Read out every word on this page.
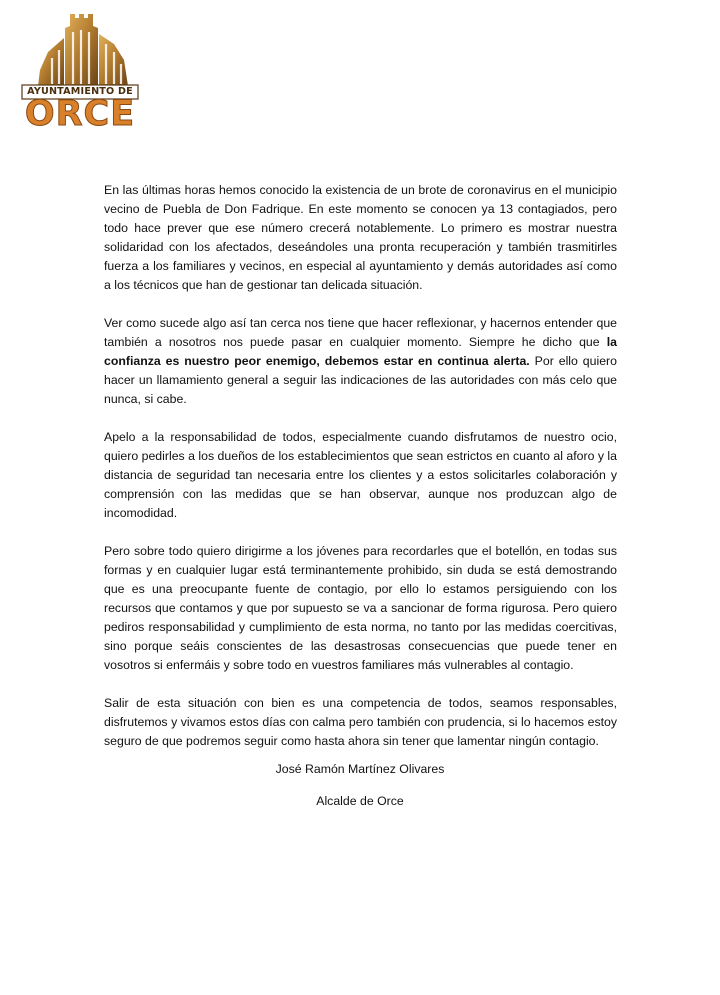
AYUNTAMIENTO DE
ORCE

En las últimas horas hemos conocido la existencia de un brote de coronavirus en el municipio vecino de Puebla de Don Fadrique. En este momento se conocen ya 13 contagiados, pero todo hace prever que ese número crecerá notablemente. Lo primero es mostrar nuestra solidaridad con los afectados, deseándoles una pronta recuperación y también trasmitirles fuerza a los familiares y vecinos, en especial al ayuntamiento y demás autoridades así como a los técnicos que han de gestionar tan delicada situación.

Ver como sucede algo así tan cerca nos tiene que hacer reflexionar, y hacernos entender que también a nosotros nos puede pasar en cualquier momento. Siempre he dicho que la confianza es nuestro peor enemigo, debemos estar en continua alerta. Por ello quiero hacer un llamamiento general a seguir las indicaciones de las autoridades con más celo que nunca, si cabe.

Apelo a la responsabilidad de todos, especialmente cuando disfrutamos de nuestro ocio, quiero pedirles a los dueños de los establecimientos que sean estrictos en cuanto al aforo y la distancia de seguridad tan necesaria entre los clientes y a estos solicitarles colaboración y comprensión con las medidas que se han observar, aunque nos produzcan algo de incomodidad.

Pero sobre todo quiero dirigirme a los jóvenes para recordarles que el botellón, en todas sus formas y en cualquier lugar está terminantemente prohibido, sin duda se está demostrando que es una preocupante fuente de contagio, por ello lo estamos persiguiendo con los recursos que contamos y que por supuesto se va a sancionar de forma rigurosa. Pero quiero pediros responsabilidad y cumplimiento de esta norma, no tanto por las medidas coercitivas, sino porque seáis conscientes de las desastrosas consecuencias que puede tener en vosotros si enfermáis y sobre todo en vuestros familiares más vulnerables al contagio.

Salir de esta situación con bien es una competencia de todos, seamos responsables, disfrutemos y vivamos estos días con calma pero también con prudencia, si lo hacemos estoy seguro de que podremos seguir como hasta ahora sin tener que lamentar ningún contagio.

José Ramón Martínez Olivares
Alcalde de Orce
